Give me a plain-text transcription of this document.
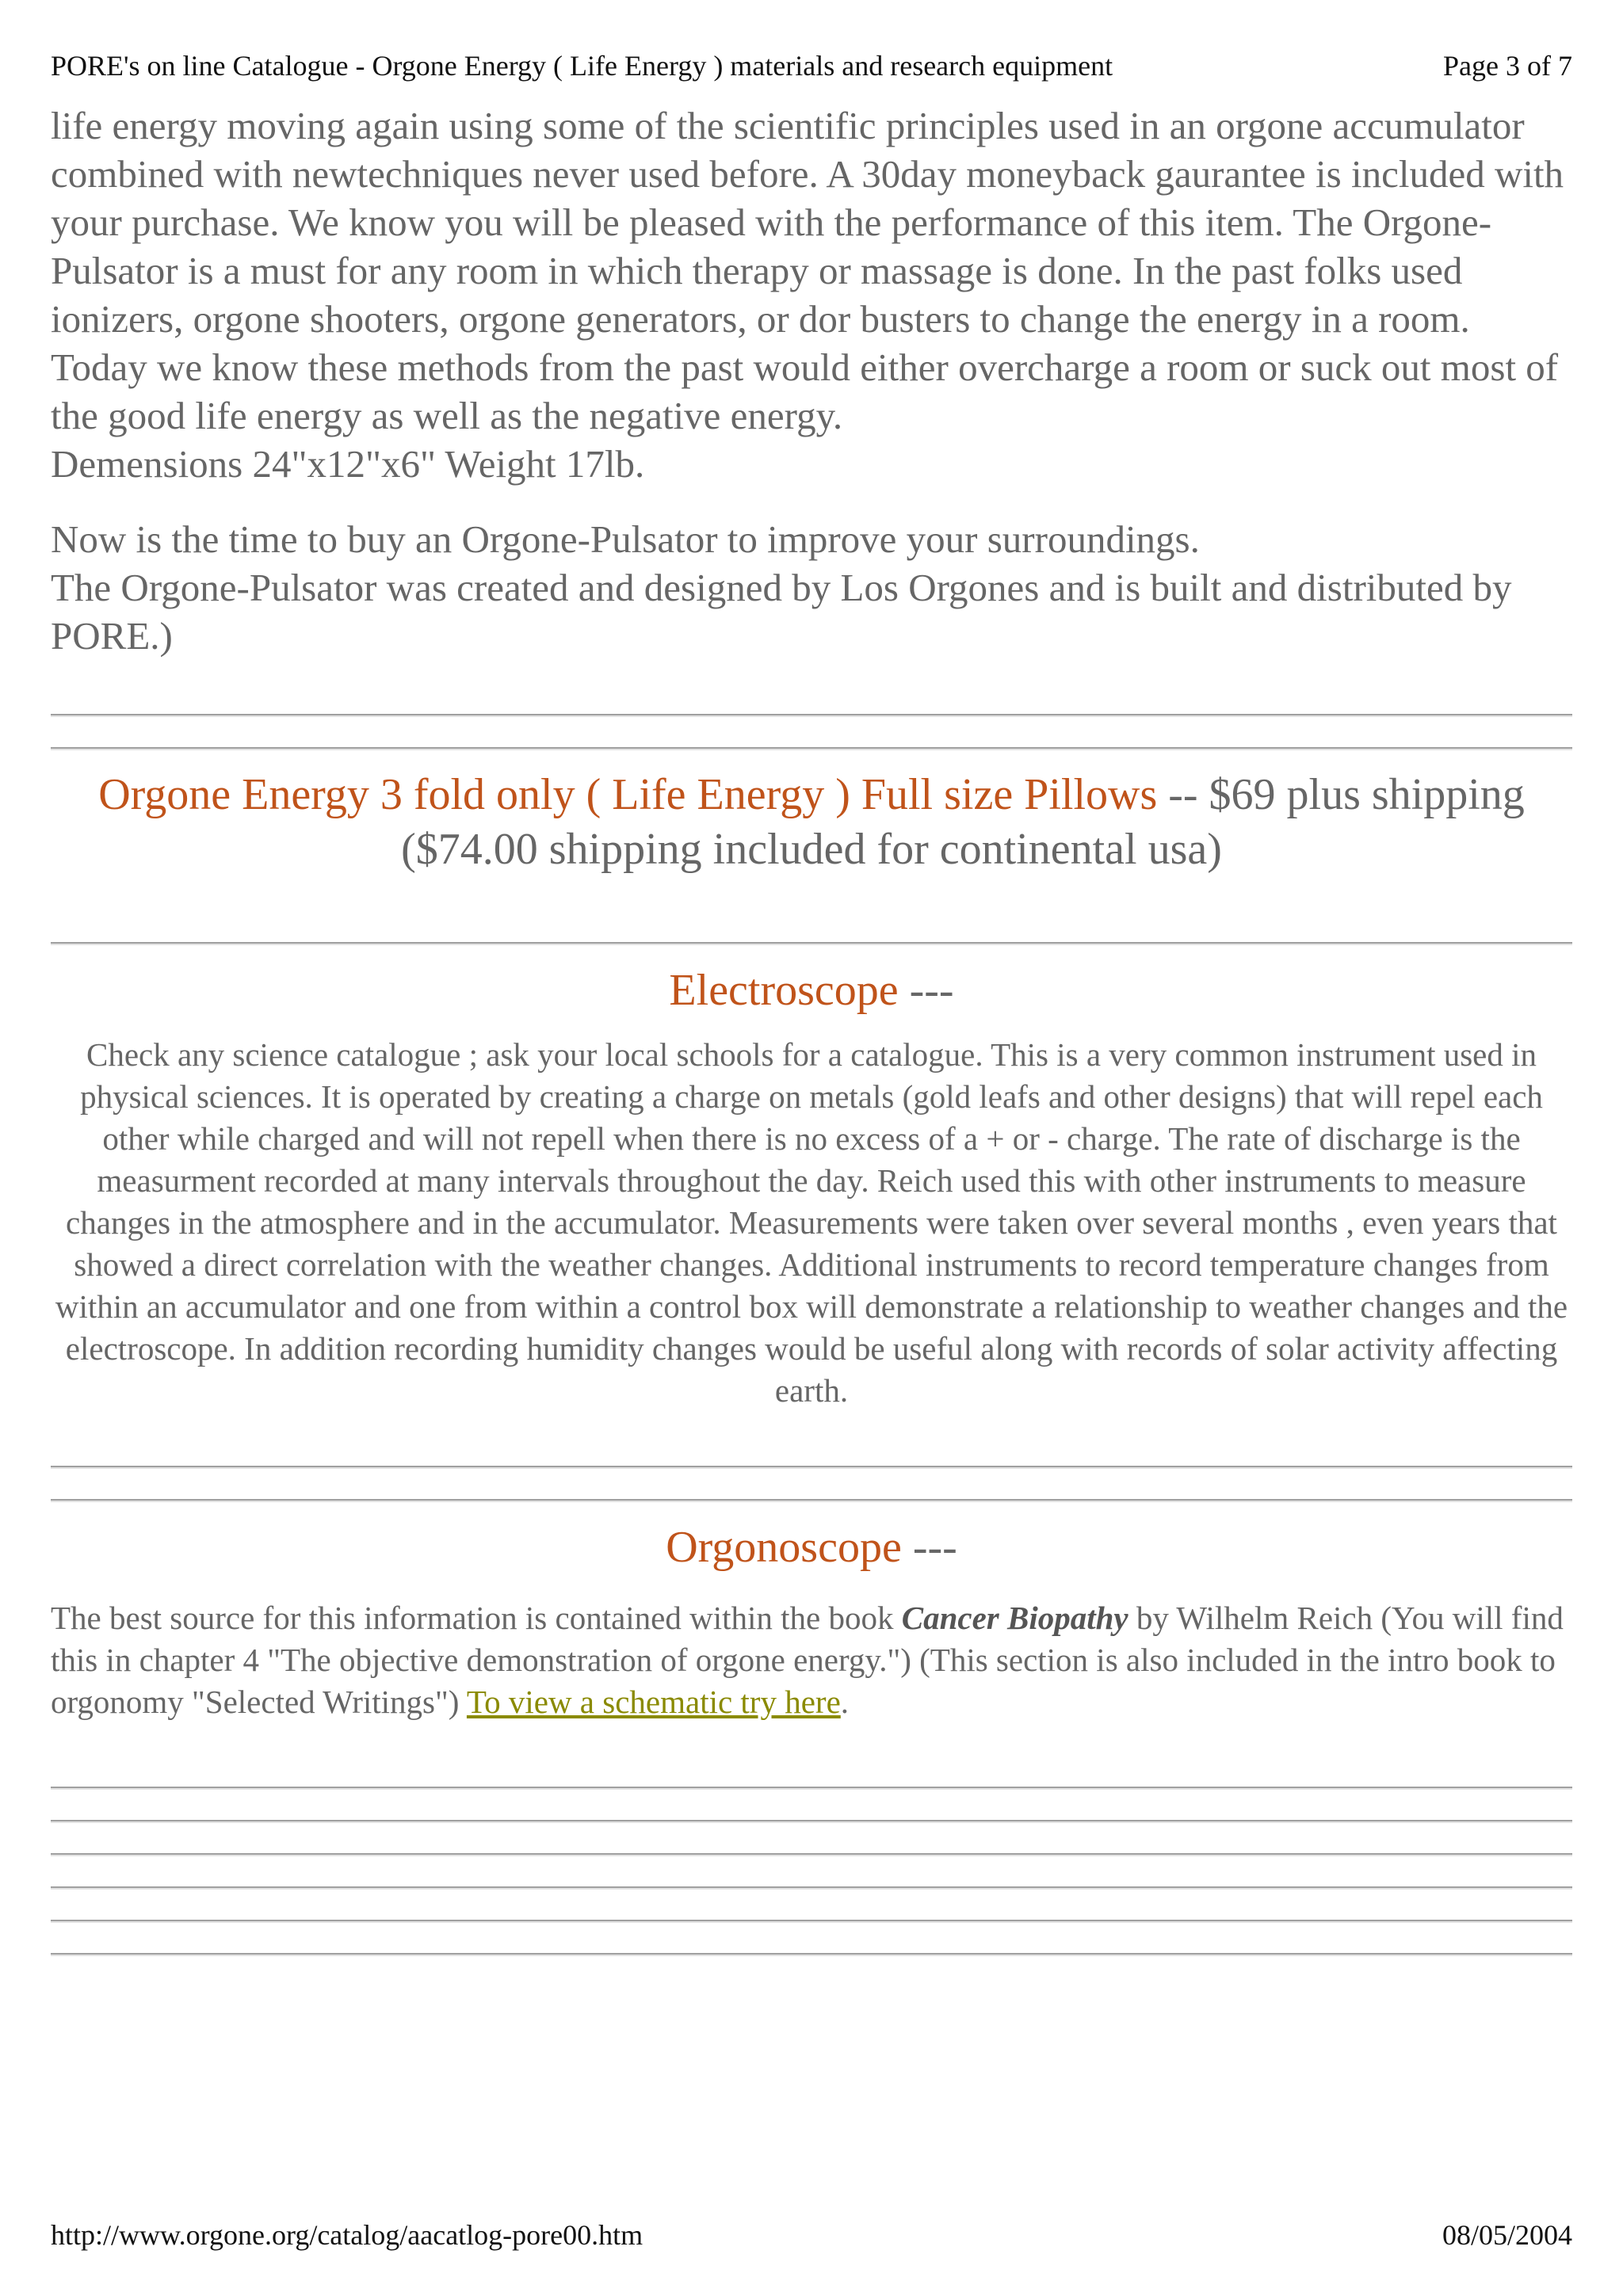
PORE's on line Catalogue - Orgone Energy ( Life Energy ) materials and research equipment	Page 3 of 7

life energy moving again using some of the scientific principles used in an orgone accumulator combined with newtechniques never used before. A 30day moneyback gaurantee is included with your purchase. We know you will be pleased with the performance of this item. The Orgone-Pulsator is a must for any room in which therapy or massage is done. In the past folks used ionizers, orgone shooters, orgone generators, or dor busters to change the energy in a room. Today we know these methods from the past would either overcharge a room or suck out most of the good life energy as well as the negative energy.
Demensions 24"x12"x6" Weight 17lb.

Now is the time to buy an Orgone-Pulsator to improve your surroundings.
The Orgone-Pulsator was created and designed by Los Orgones and is built and distributed by PORE.)

Orgone Energy 3 fold only ( Life Energy ) Full size Pillows -- $69 plus shipping
($74.00 shipping included for continental usa)

Electroscope ---

Check any science catalogue ; ask your local schools for a catalogue. This is a very common instrument used in physical sciences. It is operated by creating a charge on metals (gold leafs and other designs) that will repel each other while charged and will not repell when there is no excess of a + or - charge. The rate of discharge is the measurment recorded at many intervals throughout the day. Reich used this with other instruments to measure changes in the atmosphere and in the accumulator. Measurements were taken over several months , even years that showed a direct correlation with the weather changes. Additional instruments to record temperature changes from within an accumulator and one from within a control box will demonstrate a relationship to weather changes and the electroscope. In addition recording humidity changes would be useful along with records of solar activity affecting earth.

Orgonoscope ---

The best source for this information is contained within the book Cancer Biopathy by Wilhelm Reich (You will find this in chapter 4 "The objective demonstration of orgone energy.") (This section is also included in the intro book to orgonomy "Selected Writings") To view a schematic try here.

http://www.orgone.org/catalog/aacatlog-pore00.htm	08/05/2004
